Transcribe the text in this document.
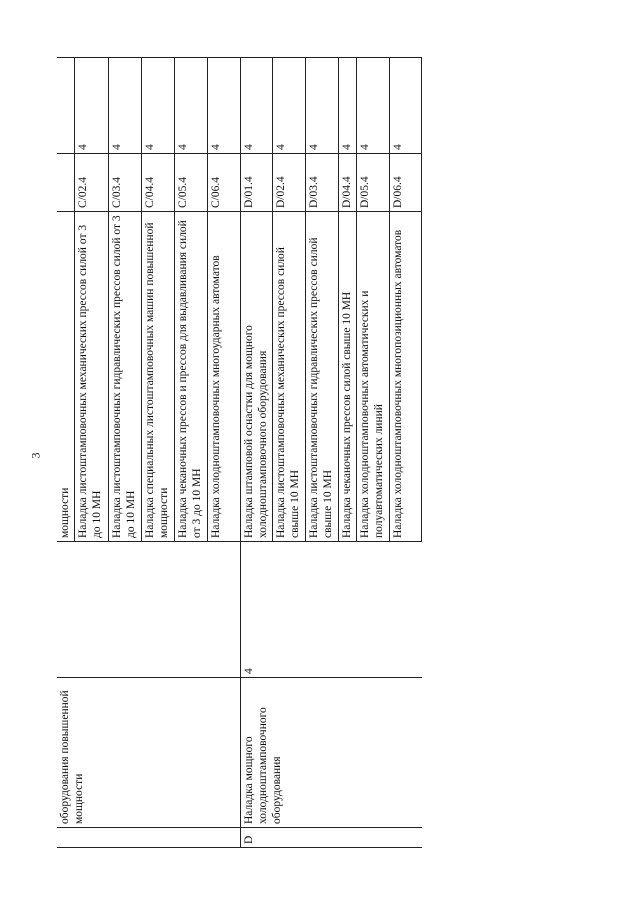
3
	оборудования повышенной мощности		мощности		
			Наладка листоштамповочных механических прессов силой от 3 до 10 МН	C/02.4	4
			Наладка листоштамповочных гидравлических прессов силой от 3 до 10 МН	C/03.4	4
			Наладка специальных листоштамповочных машин повышенной мощности	C/04.4	4
			Наладка чеканочных прессов и прессов для выдавливания силой от 3 до 10 МН	C/05.4	4
			Наладка холодноштамповочных многоударных автоматов	C/06.4	4
D	Наладка мощного холодноштамповочного оборудования	4	Наладка штамповой оснастки для мощного холодноштамповочного оборудования	D/01.4	4
			Наладка листоштамповочных механических прессов силой свыше 10 МН	D/02.4	4
			Наладка листоштамповочных гидравлических прессов силой свыше 10 МН	D/03.4	4
			Наладка чеканочных прессов силой свыше 10 МН	D/04.4	4
			Наладка холодноштамповочных автоматических и полуавтоматических линий	D/05.4	4
			Наладка холодноштамповочных многопозиционных автоматов	D/06.4	4
